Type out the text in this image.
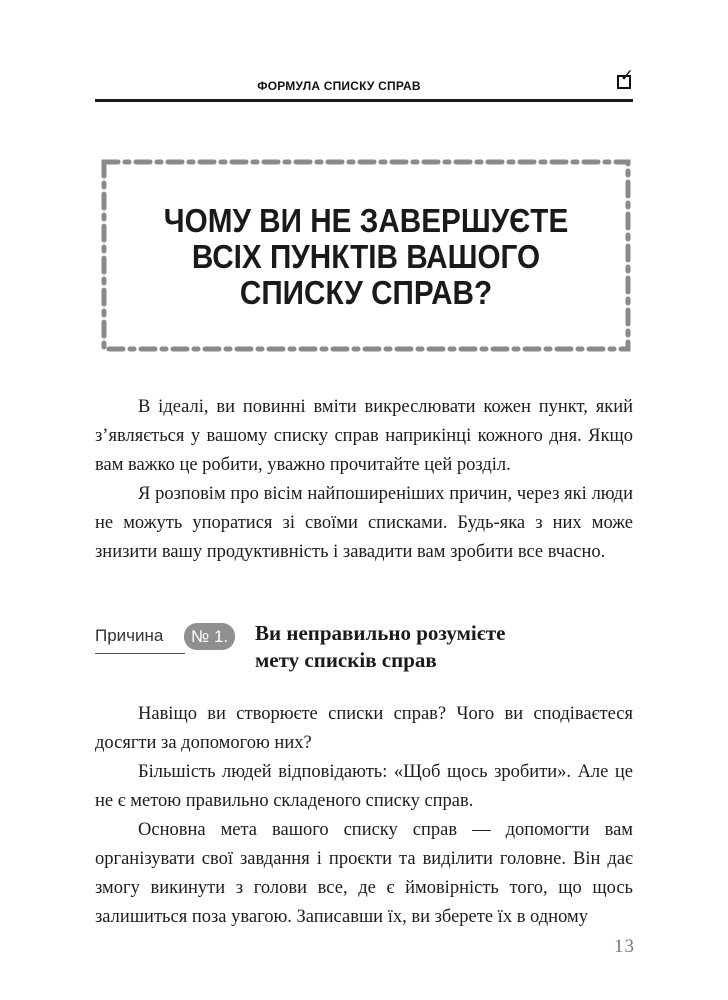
ФОРМУЛА СПИСКУ СПРАВ	✓
ЧОМУ ВИ НЕ ЗАВЕРШУЄТЕ
ВСІХ ПУНКТІВ ВАШОГО
СПИСКУ СПРАВ?

В ідеалі, ви повинні вміти викреслювати кожен пункт, який з’являється у вашому списку справ наприкінці кожного дня. Якщо вам важко це робити, уважно прочитайте цей розділ.

Я розповім про вісім найпоширеніших причин, через які люди не можуть упоратися зі своїми списками. Будь-яка з них може знизити вашу продуктивність і завадити вам зробити все вчасно.

Причина	№ 1.	Ви неправильно розумієте
мету списків справ

Навіщо ви створюєте списки справ? Чого ви сподіваєтеся досягти за допомогою них?

Більшість людей відповідають: «Щоб щось зробити». Але це не є метою правильно складеного списку справ.

Основна мета вашого списку справ — допомогти вам організувати свої завдання і проєкти та виділити головне. Він дає змогу викинути з голови все, де є ймовірність того, що щось залишиться поза увагою. Записавши їх, ви зберете їх в одному

13
